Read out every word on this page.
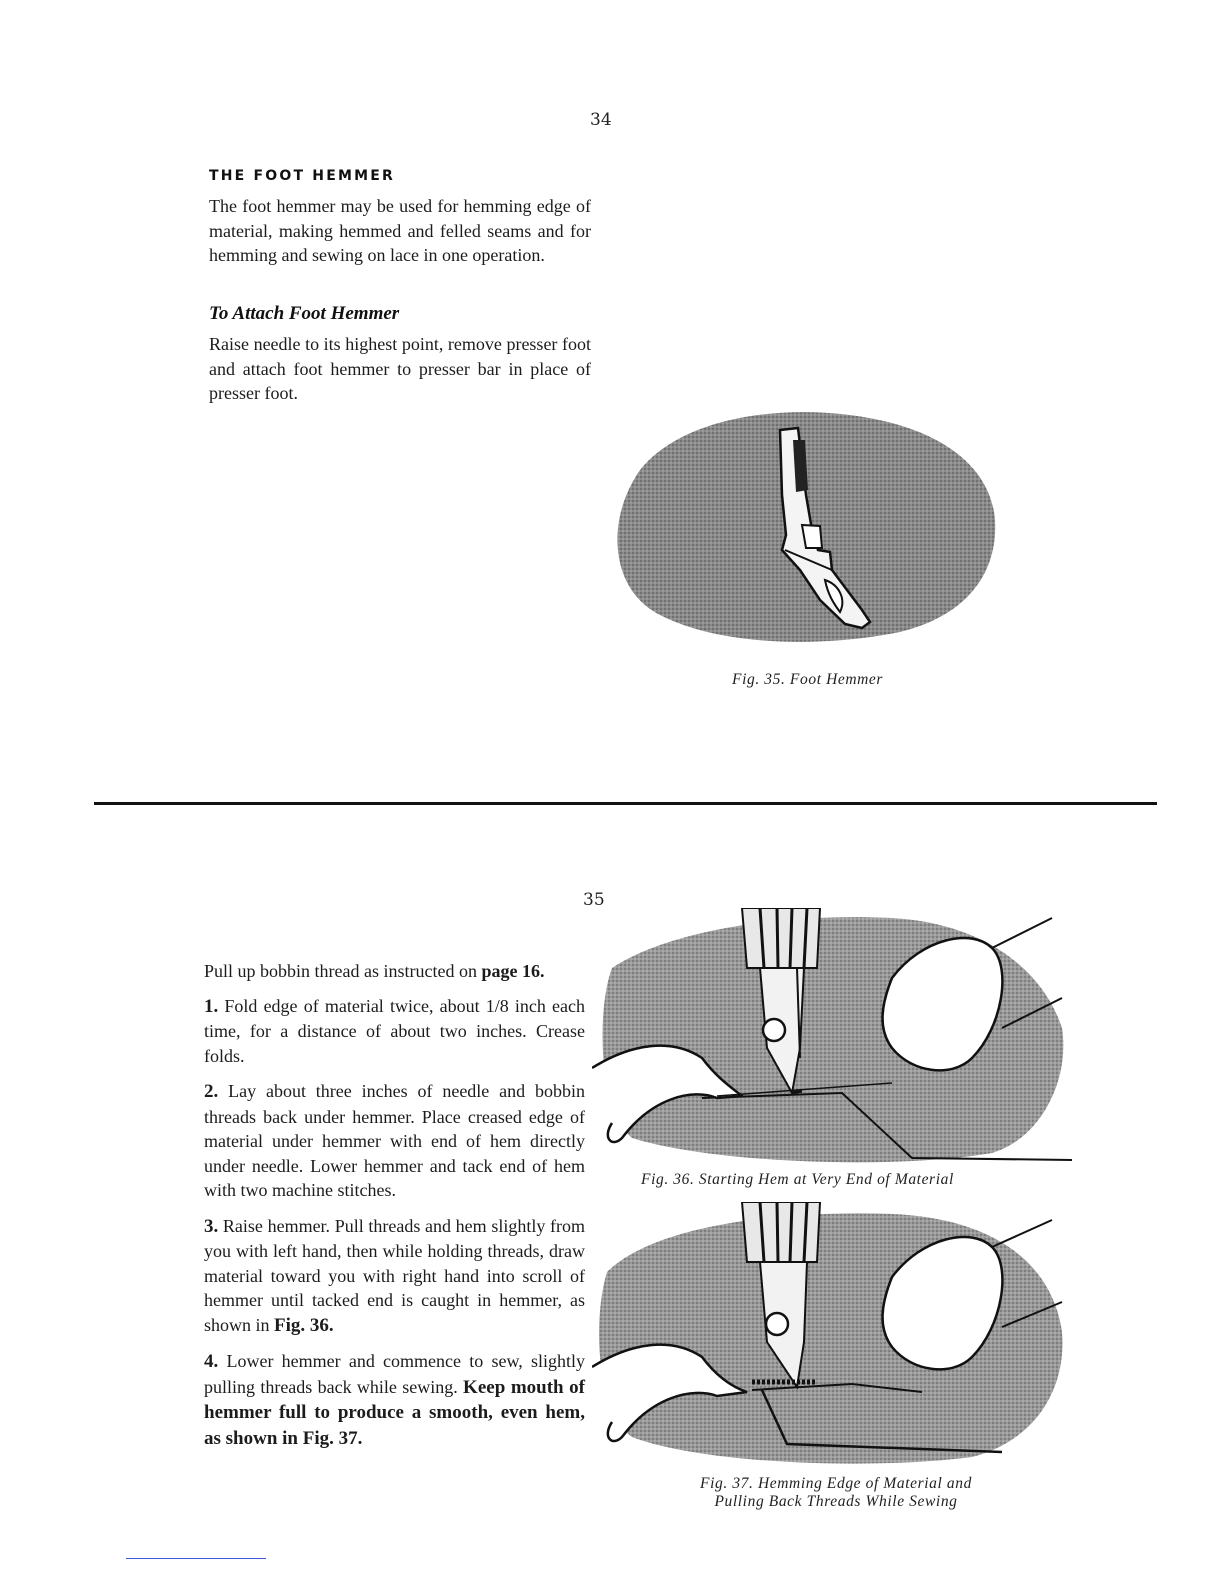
34
THE FOOT HEMMER
The foot hemmer may be used for hemming edge of material, making hemmed and felled seams and for hemming and sewing on lace in one operation.
To Attach Foot Hemmer
Raise needle to its highest point, remove presser foot and attach foot hemmer to presser bar in place of presser foot.
Fig. 35. Foot Hemmer
35

Pull up bobbin thread as instructed on page 16.

1. Fold edge of material twice, about 1/8 inch each time, for a distance of about two inches. Crease folds.

2. Lay about three inches of needle and bobbin threads back under hemmer. Place creased edge of material under hemmer with end of hem directly under needle. Lower hemmer and tack end of hem with two machine stitches.

3. Raise hemmer. Pull threads and hem slightly from you with left hand, then while holding threads, draw material toward you with right hand into scroll of hemmer until tacked end is caught in hemmer, as shown in Fig. 36.

4. Lower hemmer and commence to sew, slightly pulling threads back while sewing. Keep mouth of hemmer full to produce a smooth, even hem, as shown in Fig. 37.

Fig. 36. Starting Hem at Very End of Material
Fig. 37. Hemming Edge of Material and
Pulling Back Threads While Sewing
